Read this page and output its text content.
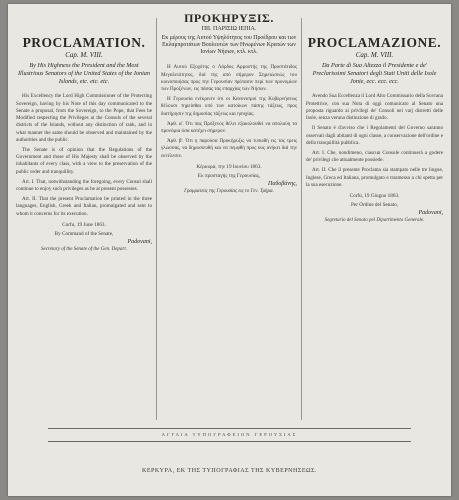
PROCLAMATION.
Cap. M. VIII.
By His Highness the President and the Most Illustrious Senators of the United States of the Ionian Islands, etc. etc. etc.

His Excellency the Lord High Commissioner of the Protecting Sovereign, having by his Note of this day communicated to the Senate a proposal, from the Sovereign, to the Pope, that Fees be Modified respecting the Privileges at the Consuls of the several districts of the Islands, without any distinction of rank, and in what manner the same should be observed and maintained by the authorities and the public.

The Senate is of opinion that the Regulations of the Government and those of His Majesty shall be observed by the inhabitants of every class, with a view to the preservation of the public order and tranquillity.

Art. I. That, notwithstanding the foregoing, every Consul shall continue to enjoy such privileges as he at present possesses.

Art. II. That the present Proclamation be printed in the three languages, English, Greek and Italian, promulgated and sent to whom it concerns for its execution.

Corfu, 19 June 1863.
By Command of the Senate,
Padovani,
Secretary of the Senate of the Gen. Depart.
ΠΡΟΚΗΡΥΞΙΣ.
ΠΙΙ. ΠΑΡΙΣΙΩ ΙΕΠΙΑ.
Εκ μέρους της Αυτού Υψηλότητος του Προέδρου και των Εκλαμπροτάτων Βουλευτών των Ηνωμένων Κρατών των Ιονίων Νήσων, κτλ. κτλ.

Η Αυτού Εξοχότης ο Λόρδος Αρμοστής της Προστάτιδος Μεγαλειότητος, διά της από σήμερον Σημειώσεώς του κοινοποιήσας προς την Γερουσίαν πρότασιν περί των προνομίων των Προξένων, εις πάσας τας επαρχίας των Νήσων.

Η Γερουσία ενέκρινεν ότι οι Κανονισμοί της Κυβερνήσεως θέλουσι τηρείσθαι υπό των κατοίκων πάσης τάξεως, προς διατήρησιν της δημοσίας τάξεως και ησυχίας.

Άρθ. α'. Ότι πας Πρόξενος θέλει εξακολουθεί να απολαύη τα προνόμια όσα κατέχει σήμερον.

Άρθ. β'. Ότι η παρούσα Προκήρυξις να τυπωθή εις τας τρεις γλώσσας, να δημοσιευθή και να πεμφθή προς ους ανήκει διά την εκτέλεσιν.

Κέρκυρα, την 19 Ιουνίου 1863.
Εκ προσταγής της Γερουσίας,
Παδοβάνης,
Γραμματεύς της Γερουσίας εις το Γεν. Τμήμα.
PROCLAMAZIONE.
Cap. M. VIII.
Da Parte di Sua Altezza il Presidente e de' Preclarissimi Senatori degli Stati Uniti delle Isole Jonie, ecc. ecc. ecc.

Avendo Sua Eccellenza il Lord Alto Commissario della Sovrana Protettrice, con sua Nota di oggi comunicato al Senato una proposta riguardo ai privilegi de' Consoli nei varj distretti delle Isole, senza veruna distinzione di grado.

Il Senato è d'avviso che i Regolamenti del Governo saranno osservati dagli abitanti di ogni classe, a conservazione dell'ordine e della tranquillità pubblica.

Art. I. Che, nondimeno, ciascun Console continuerà a godere de' privilegi che attualmente possiede.

Art. II. Che il presente Proclama sia stampato nelle tre lingue, Inglese, Greca ed Italiana, promulgato e trasmesso a chi spetta per la sua esecuzione.

Corfù, 19 Giugno 1863.
Per Ordine del Senato,
Padovani,
Segretario del Senato pel Dipartimento Generale.
ΑΓΓΛΙΑ ΤΥΠΟΓΡΑΦΕΙΟΝ ΓΕΡΟΥΣΙΑΣ
ΚΕΡΚΥΡΑ, ΕΚ ΤΗΣ ΤΥΠΟΓΡΑΦΙΑΣ ΤΗΣ ΚΥΒΕΡΝΗΣΕΩΣ.
